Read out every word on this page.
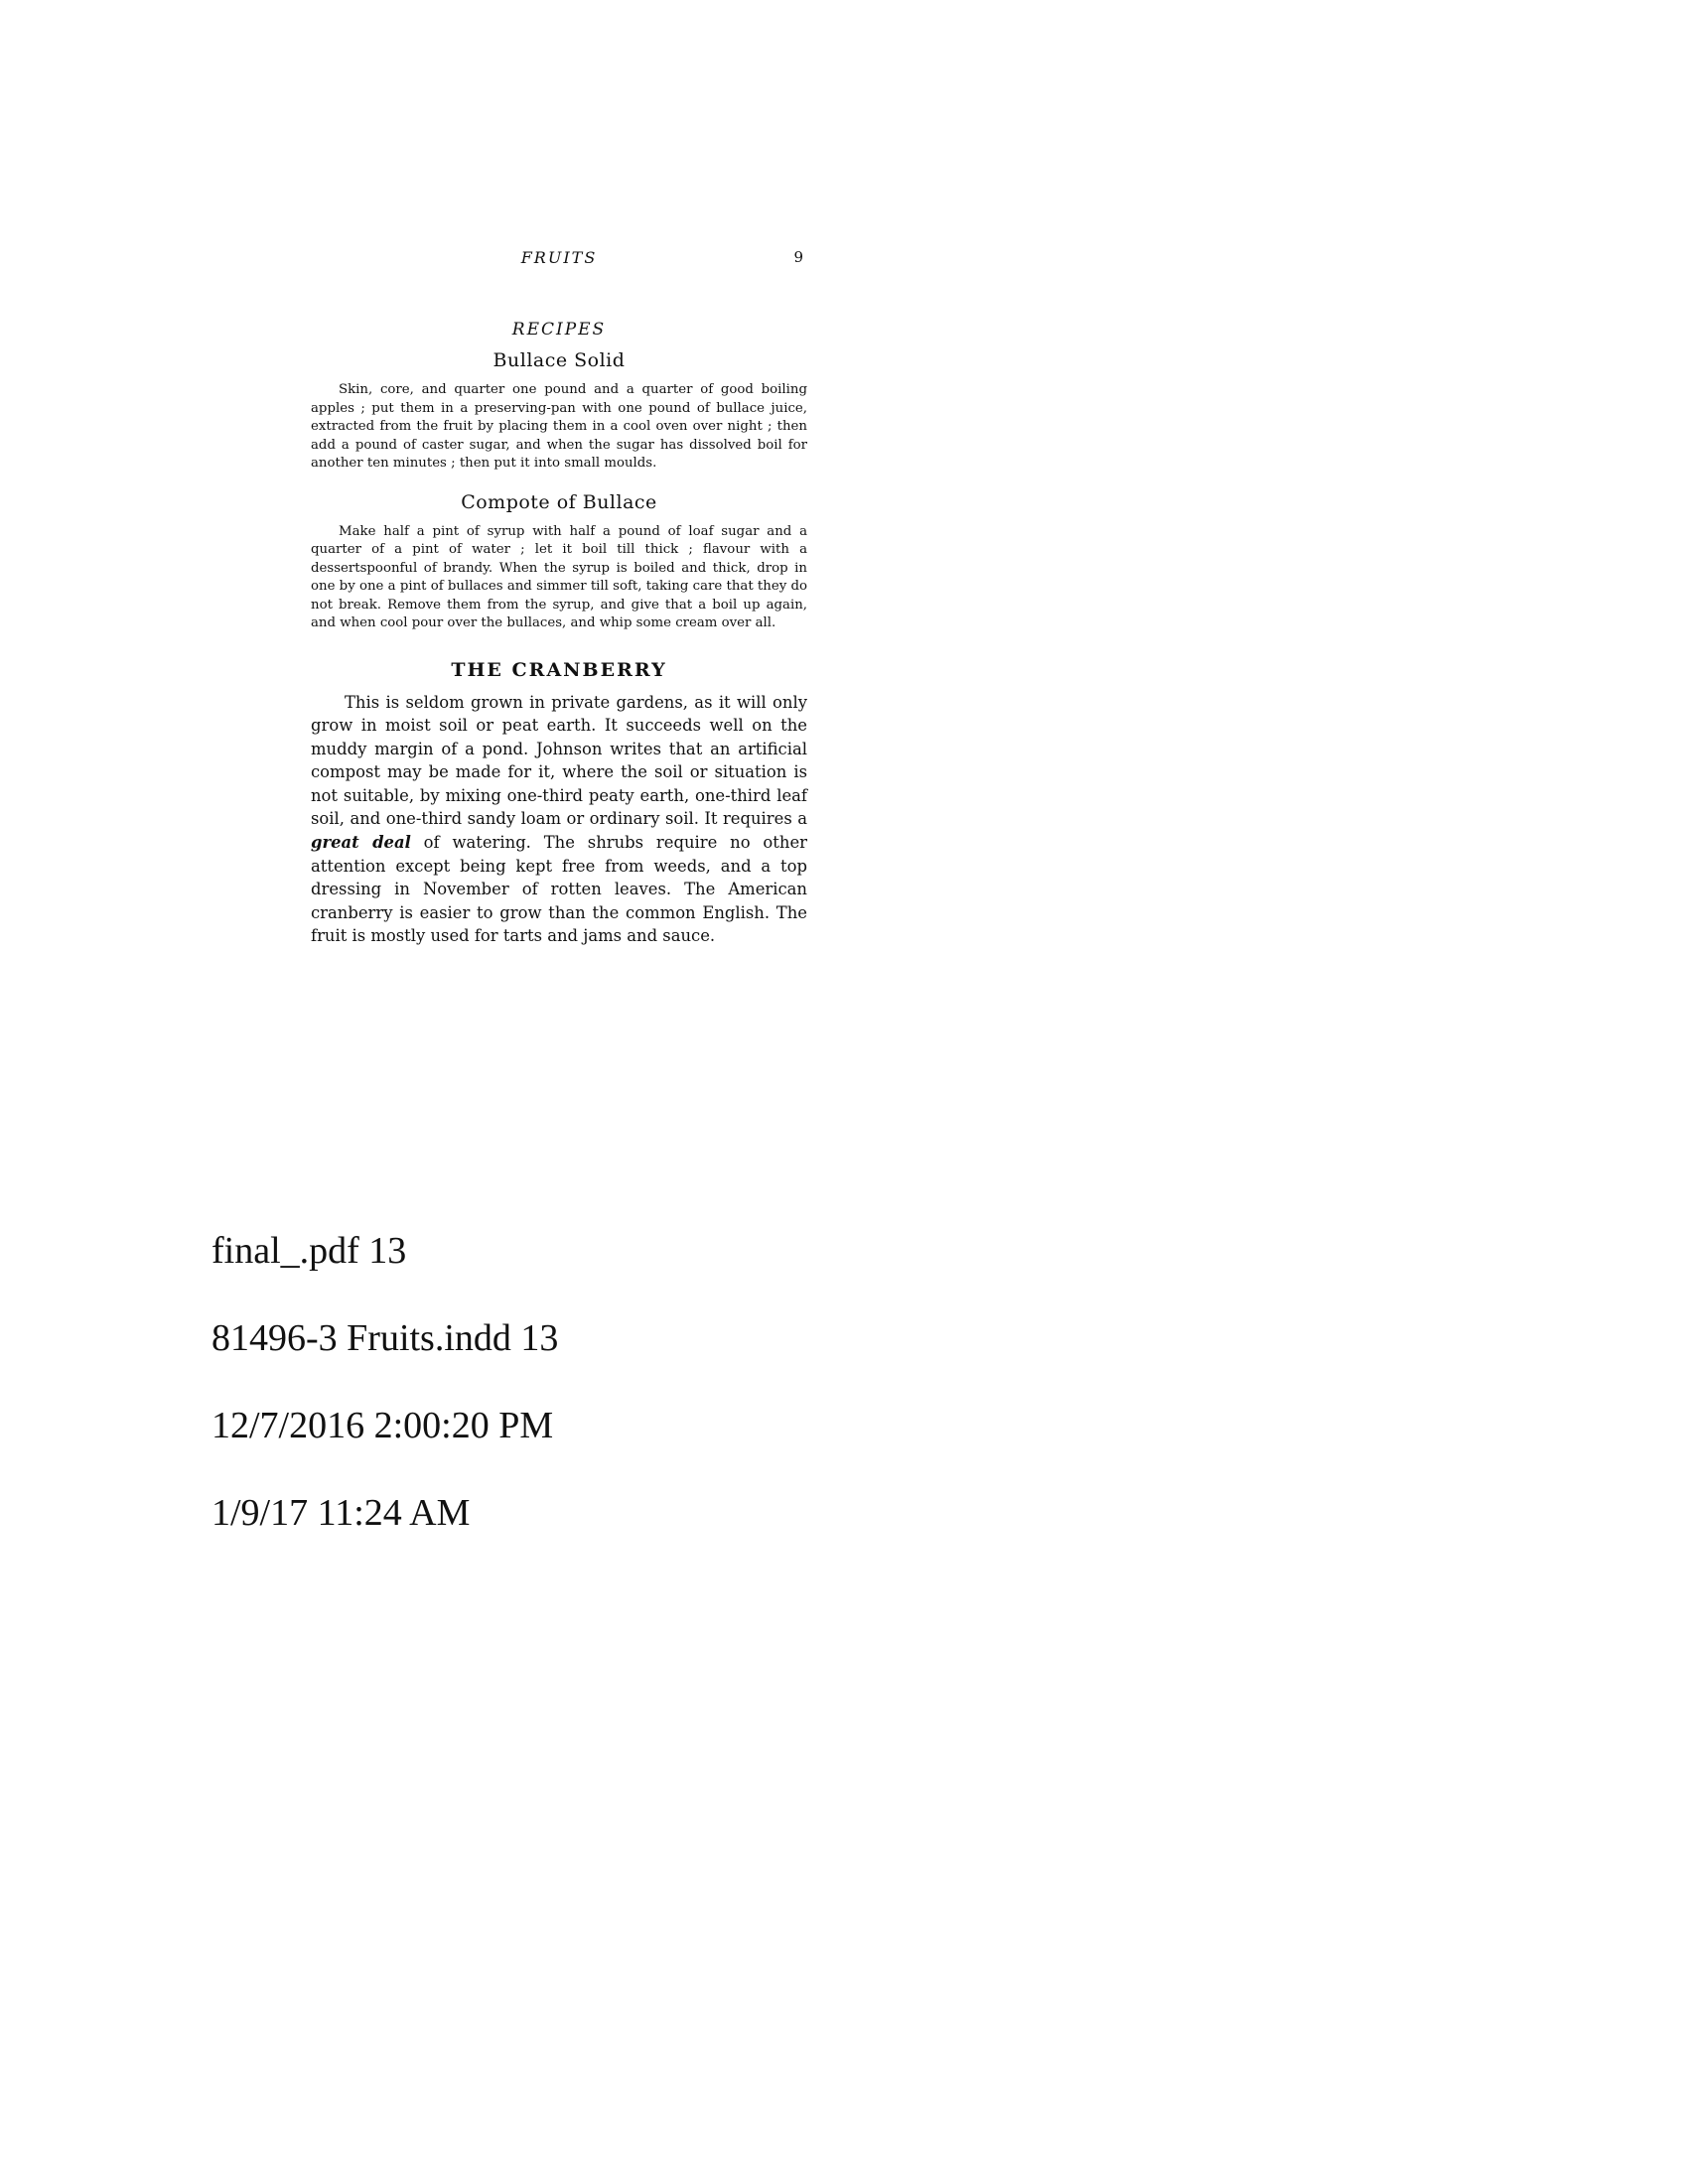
FRUITS	9
RECIPES
Bullace Solid

Skin, core, and quarter one pound and a quarter of good boiling apples ; put them in a preserving-pan with one pound of bullace juice, extracted from the fruit by placing them in a cool oven over night ; then add a pound of caster sugar, and when the sugar has dissolved boil for another ten minutes ; then put it into small moulds.

Compote of Bullace

Make half a pint of syrup with half a pound of loaf sugar and a quarter of a pint of water ; let it boil till thick ; flavour with a dessertspoonful of brandy. When the syrup is boiled and thick, drop in one by one a pint of bullaces and simmer till soft, taking care that they do not break. Remove them from the syrup, and give that a boil up again, and when cool pour over the bullaces, and whip some cream over all.

THE CRANBERRY

This is seldom grown in private gardens, as it will only grow in moist soil or peat earth. It succeeds well on the muddy margin of a pond. Johnson writes that an artificial compost may be made for it, where the soil or situation is not suitable, by mixing one-third peaty earth, one-third leaf soil, and one-third sandy loam or ordinary soil. It requires a great deal of watering. The shrubs require no other attention except being kept free from weeds, and a top dressing in November of rotten leaves. The American cranberry is easier to grow than the common English. The fruit is mostly used for tarts and jams and sauce.

final_.pdf 13
81496-3 Fruits.indd 13
12/7/2016 2:00:20 PM
1/9/17 11:24 AM
